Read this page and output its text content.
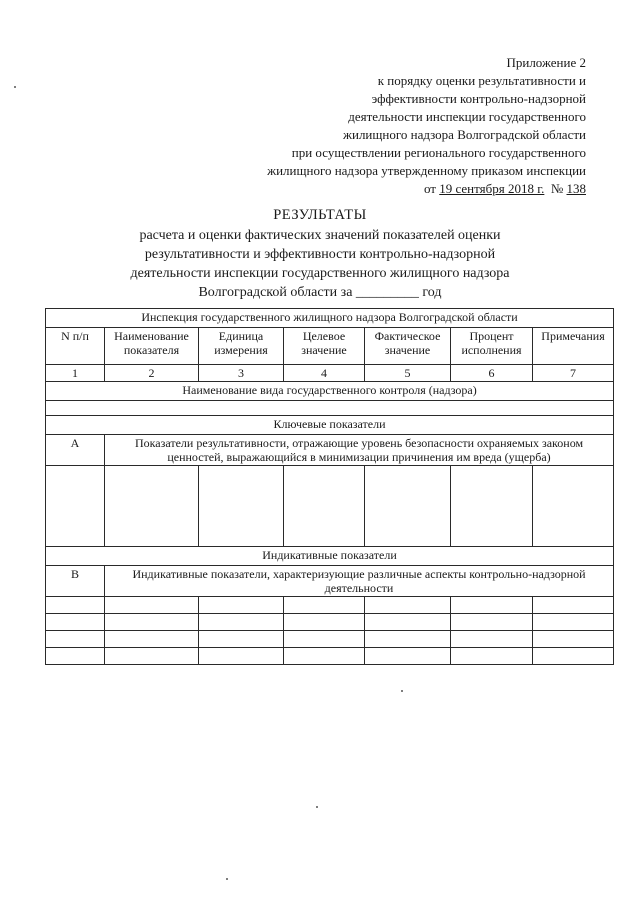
Приложение 2
к порядку оценки результативности и
эффективности контрольно-надзорной
деятельности инспекции государственного
жилищного надзора Волгоградской области
при осуществлении регионального государственного
жилищного надзора утвержденному приказом инспекции
от 19 сентября 2018 г. № 138
РЕЗУЛЬТАТЫ
расчета и оценки фактических значений показателей оценки
результативности и эффективности контрольно-надзорной
деятельности инспекции государственного жилищного надзора
Волгоградской области за _________ год
Инспекция государственного жилищного надзора Волгоградской области						
N п/п	Наименование показателя	Единица измерения	Целевое значение	Фактическое значение	Процент исполнения	Примечания
1	2	3	4	5	6	7
Наименование вида государственного контроля (надзора)						

Ключевые показатели						
А	Показатели результативности, отражающие уровень безопасности охраняемых законом ценностей, выражающийся в минимизации причинения им вреда (ущерба)					

Индикативные показатели						
В	Индикативные показатели, характеризующие различные аспекты контрольно-надзорной деятельности					
